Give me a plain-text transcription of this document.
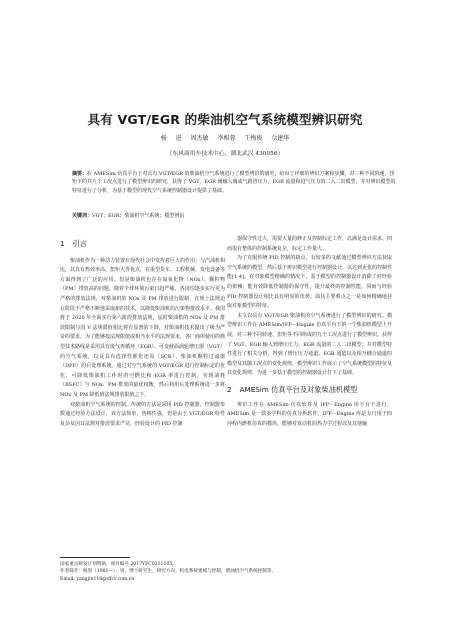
具有 VGT/EGR 的柴油机空气系统模型辨识研究
杨 进 周杰敏 李相蓉 王梅俊 佘建华
（东风商用车技术中心，湖北武汉 430056）
摘要：在 AMESim 仿真平台下对具有 VGT/EGR 的柴油机空气系统进行了模型辨识的研究，给出了详细的辨识方案和步骤，对三种不同阶速、扭矩下的共九个工况点进行了模型辨识的研究，获得了 VGT、EGR 阀输入阀或气路管压力、EGR 流量和进气压力的二入二出模型，并对辨识模型的特征进行了分析，为基于模型的现代空气系统控制器设计提供了基础。
关键词：VGT；EGR；柴油机空气系统；模型辨识
1 引言

柴油机作为一种动力装置在现代社会中发挥着巨大的作用；与汽油机相比，其具有热效率高、扭矩大等优点，在重型货车、工程机械、发电设备等方面得到了广泛的应用。但是柴油机也存在氮氧化物（NOx）、颗粒物（PM）排放高的问题。随着全球环境污染日趋严峻，各国均逐步实行更为严格的排放法规，对柴油机的 NOx 及 PM 排放进行限制，在现上法规迫在阶段下严格不断地采取新的技术，以降低柴油机的污染物排放水平。我国将于 2020 年全面实行第六阶段排放法规，届时柴油机的 NOx 及 PM 排放限制与国 V 法规限值相比将有显著的下降，对柴油机技术提出了极为严苛的要求。为了能够按法规限值或相当水平的法规要求，各厂商所使用的典型技术路线是采用具有废气再循环（EGR）、可变截面涡轮增压器（VGT）的空气系统，以及具有选择性催化还原（SCR）、柴油机颗粒过滤器（DPF）的后处理系统。通过对空气系统的 VGT/EGR 进行控制标定的优化，可降低柴油机工作时的空燃比和 EGR 率进行控制，实现油耗（BSFC）与 NOx、PM 排放的最优权衡，然后利用后处理系统进一步将 NOx 及 PM 降低到法规排放限值之下。

对柴油机空气系统的控制，传统的方法是采用 PID 控制器，控制器参数通过经验方法设计，该方法简单、鲁棒性强，但是由于 VGT/EGR 特性复杂及因耳法规对排放要求严苛，经验设计的 PID 控制

器保守性过大，需要大量的修正及控制标定工作，以满足设计需求。四而很有整体的控制系统复杂，标定工作量大。

为了克服传统 PID 控制的缺点，有较多的文献通过模型辨识方法获取空气系统的模型，然后基于辨识模型进行控制器设计，以达到更优的控制性能[1-4]。在对象模型精确的情况下，基于模型的控制器设计消除了对经验的依赖，能有效降低控制器的保守性，提升最终的控制性能，同而与经验 PID 控制器设计相比具有明显的优势。面其主要难点之一是如何精确地获取对象模型的特征。

本文以具有 VGT/EGR 柴油机的空气系统进行了模型辨识的研究。模型辨识工作在 AMESim/IFP－Engine 仿真平台下的一个柴油机模型上开展，对三种不同转速、扭矩等不同组成的九个工况点进行了模型辨识，获得了 VGT、EGR 输入到增压压力、EGR 流量的二入二出模型；并对模型特性进行了相关分析，得到了增压压力通道、EGR 通道以及相互耦合通道的模型及其随工况点的变化规律，模型辨识工作展示了空气系统模型的特征及其变化规律，为进一步基于模型的控制器设计打下了基础。

2 AMESim 仿真平台及对象柴油机模型

辨识工作在 AMESim 仿真软件及 IFP－Engine 库平台下进行，AMESim 是一款多学科的仿真分析软件，IFP－Engine 库是专门用于四冲程内燃机仿真的模块，能够对发动机的热力学过程以及其他输

国家重点研发计划资助，项目编号 2017YFC0211105。
作者简介：杨进（1981—），男，博士研究生，研究方向：机电系统建模与控制，柴油机空气系统控制等。
Email: yangjin116@dfcv.com.cn
